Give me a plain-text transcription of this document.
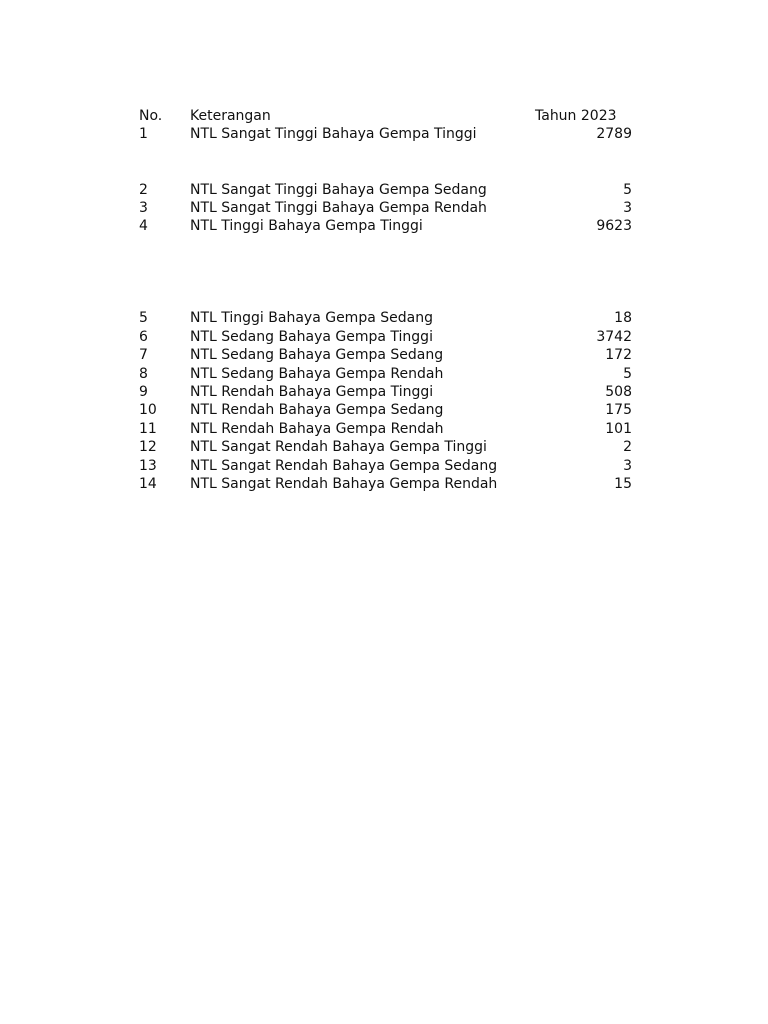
No. Keterangan	Tahun 2023
1	NTL Sangat Tinggi Bahaya Gempa Tinggi	2789
2	NTL Sangat Tinggi Bahaya Gempa Sedang	5
3	NTL Sangat Tinggi Bahaya Gempa Rendah	3
4	NTL Tinggi Bahaya Gempa Tinggi	9623
5	NTL Tinggi Bahaya Gempa Sedang	18
6	NTL Sedang Bahaya Gempa Tinggi	3742
7	NTL Sedang Bahaya Gempa Sedang	172
8	NTL Sedang Bahaya Gempa Rendah	5
9	NTL Rendah Bahaya Gempa Tinggi	508
10 NTL Rendah Bahaya Gempa Sedang	175
11 NTL Rendah Bahaya Gempa Rendah	101
12 NTL Sangat Rendah Bahaya Gempa Tinggi	2
13 NTL Sangat Rendah Bahaya Gempa Sedang	3
14 NTL Sangat Rendah Bahaya Gempa Rendah	15
